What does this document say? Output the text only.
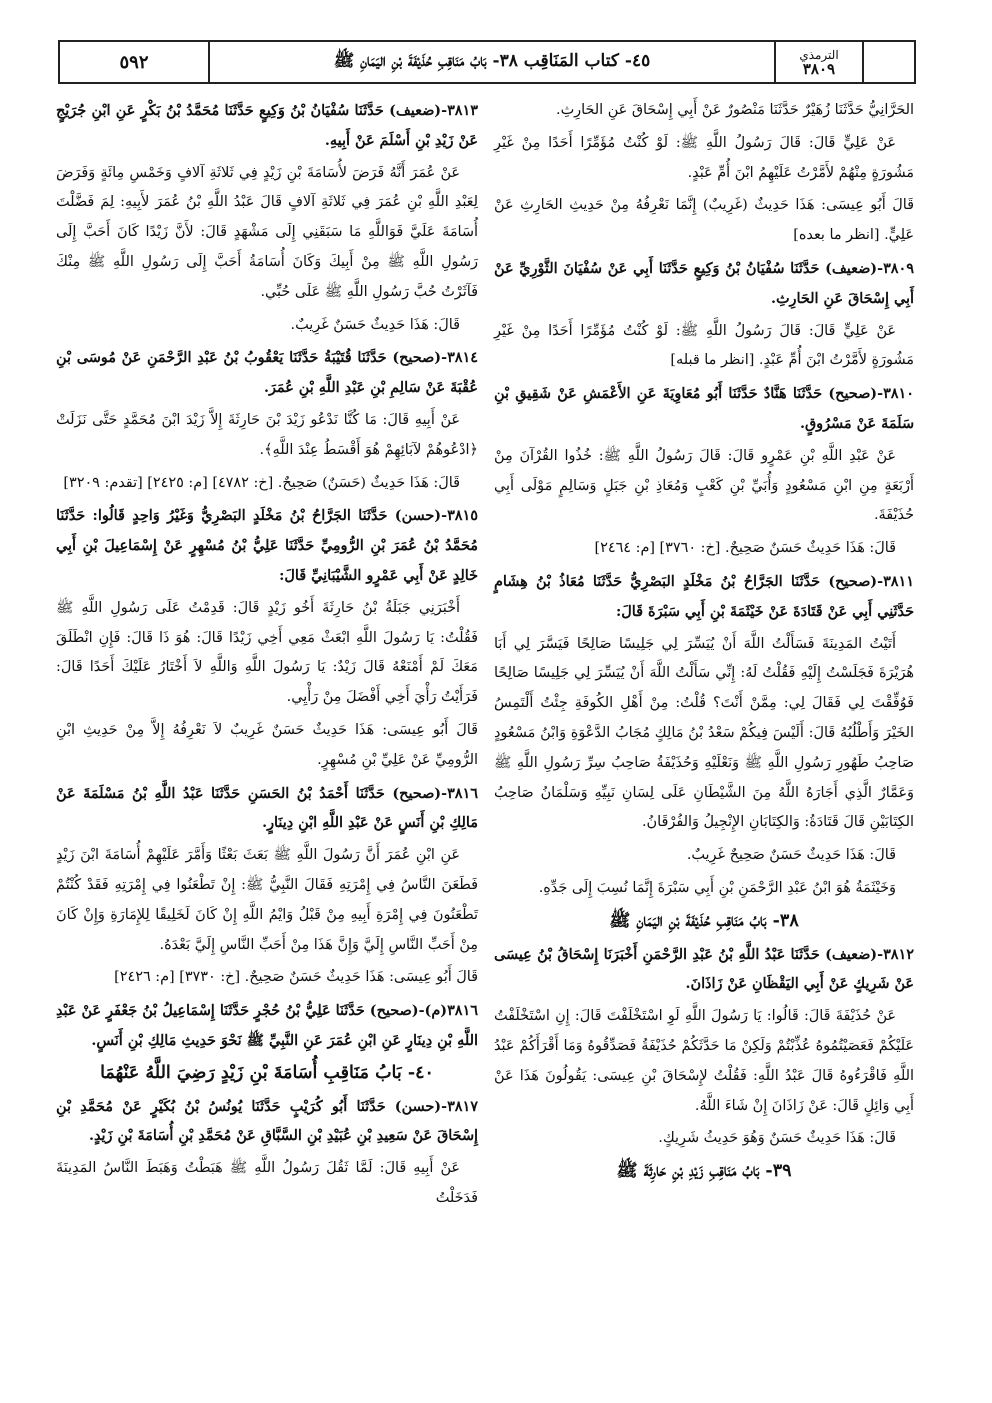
٥٩٢	٤٥- كتاب المَنَاقِب ٣٨- بَابُ مَنَاقِبِ حُذَيْفَةَ بْنِ اليَمَانِ ﷺ	الترمذي
٣٨٠٩

الحَرَّانِيُّ حَدَّثَنَا زُهَيْرٌ حَدَّثَنَا مَنْصُورٌ عَنْ أَبِي إِسْحَاقَ عَنِ الحَارِثِ.

عَنْ عَلِيٍّ قَالَ: قَالَ رَسُولُ اللَّهِ ﷺ: لَوْ كُنْتُ مُؤَمِّرًا أَحَدًا مِنْ غَيْرِ مَشُورَةٍ مِنْهُمْ لأَمَّرْتُ عَلَيْهِمُ ابْنَ أُمِّ عَبْدٍ.

قَالَ أَبُو عِيسَى: هَذَا حَدِيثٌ (غَرِيبٌ) إِنَّمَا نَعْرِفُهُ مِنْ حَدِيثِ الحَارِثِ عَنْ عَلِيٍّ. [انظر ما بعده]

٣٨٠٩-(ضعيف) حَدَّثَنَا سُفْيَانُ بْنُ وَكِيعٍ حَدَّثَنَا أَبِي عَنْ سُفْيَانَ الثَّوْرِيِّ عَنْ أَبِي إِسْحَاقَ عَنِ الحَارِثِ.

عَنْ عَلِيٍّ قَالَ: قَالَ رَسُولُ اللَّهِ ﷺ: لَوْ كُنْتُ مُؤَمِّرًا أَحَدًا مِنْ غَيْرِ مَشُورَةٍ لأَمَّرْتُ ابْنَ أُمِّ عَبْدٍ. [انظر ما قبله]

٣٨١٠-(صحيح) حَدَّثَنَا هَنَّادٌ حَدَّثَنَا أَبُو مُعَاوِيَةَ عَنِ الأَعْمَشِ عَنْ شَقِيقِ بْنِ سَلَمَةَ عَنْ مَسْرُوقٍ.

عَنْ عَبْدِ اللَّهِ بْنِ عَمْرٍو قَالَ: قَالَ رَسُولُ اللَّهِ ﷺ: خُذُوا القُرْآنَ مِنْ أَرْبَعَةٍ مِنِ ابْنِ مَسْعُودٍ وَأُبَيِّ بْنِ كَعْبٍ وَمُعَاذِ بْنِ جَبَلٍ وَسَالِمٍ مَوْلَى أَبِي حُذَيْفَةَ.

قَالَ: هَذَا حَدِيثٌ حَسَنٌ صَحِيحٌ. [خ: ٣٧٦٠] [م: ٢٤٦٤]

٣٨١١-(صحيح) حَدَّثَنَا الجَرَّاحُ بْنُ مَخْلَدٍ البَصْرِيُّ حَدَّثَنَا مُعَاذُ بْنُ هِشَامٍ حَدَّثَنِي أَبِي عَنْ قَتَادَةَ عَنْ خَيْثَمَةَ بْنِ أَبِي سَبْرَةَ قَالَ:

أَتَيْتُ المَدِينَةَ فَسَأَلْتُ اللَّهَ أَنْ يُيَسِّرَ لِي جَلِيسًا صَالِحًا فَيَسَّرَ لِي أَبَا هُرَيْرَةَ فَجَلَسْتُ إِلَيْهِ فَقُلْتُ لَهُ: إِنِّي سَأَلْتُ اللَّهَ أَنْ يُيَسِّرَ لِي جَلِيسًا صَالِحًا فَوُفِّقْتَ لِي فَقَالَ لِي: مِمَّنْ أَنْتَ؟ قُلْتُ: مِنْ أَهْلِ الكُوفَةِ جِئْتُ أَلْتَمِسُ الخَيْرَ وَأَطْلُبُهُ قَالَ: أَلَيْسَ فِيكُمْ سَعْدُ بْنُ مَالِكٍ مُجَابُ الدَّعْوَةِ وَابْنُ مَسْعُودٍ صَاحِبُ طَهُورِ رَسُولِ اللَّهِ ﷺ وَنَعْلَيْهِ وَحُذَيْفَةُ صَاحِبُ سِرِّ رَسُولِ اللَّهِ ﷺ وَعَمَّارٌ الَّذِي أَجَارَهُ اللَّهُ مِنَ الشَّيْطَانِ عَلَى لِسَانِ نَبِيِّهِ وَسَلْمَانُ صَاحِبُ الكِتَابَيْنِ قَالَ قَتَادَةُ: وَالكِتَابَانِ الإِنْجِيلُ وَالفُرْقَانُ.

قَالَ: هَذَا حَدِيثٌ حَسَنٌ صَحِيحٌ غَرِيبٌ.

وَخَيْثَمَةُ هُوَ ابْنُ عَبْدِ الرَّحْمَنِ بْنِ أَبِي سَبْرَةَ إِنَّمَا نُسِبَ إِلَى جَدِّهِ.

٣٨- بَابُ مَنَاقِبِ حُذَيْفَةَ بْنِ اليَمَانِ ﷺ

٣٨١٢-(ضعيف) حَدَّثَنَا عَبْدُ اللَّهِ بْنُ عَبْدِ الرَّحْمَنِ أَخْبَرَنَا إِسْحَاقُ بْنُ عِيسَى عَنْ شَرِيكٍ عَنْ أَبِي اليَقْظَانِ عَنْ زَاذَانَ.

عَنْ حُذَيْفَةَ قَالَ: قَالُوا: يَا رَسُولَ اللَّهِ لَوِ اسْتَخْلَفْتَ قَالَ: إِنِ اسْتَخْلَفْتُ عَلَيْكُمْ فَعَصَيْتُمُوهُ عُذِّبْتُمْ وَلَكِنْ مَا حَدَّثَكُمْ حُذَيْفَةُ فَصَدِّقُوهُ وَمَا أَقْرَأَكُمْ عَبْدُ اللَّهِ فَاقْرَءُوهُ قَالَ عَبْدُ اللَّهِ: فَقُلْتُ لإِسْحَاقَ بْنِ عِيسَى: يَقُولُونَ هَذَا عَنْ أَبِي وَائِلٍ قَالَ: عَنْ زَاذَانَ إِنْ شَاءَ اللَّهُ.

قَالَ: هَذَا حَدِيثٌ حَسَنٌ وَهُوَ حَدِيثُ شَرِيكٍ.

٣٩- بَابُ مَنَاقِبِ زَيْدِ بْنِ حَارِثَةَ ﷺ

٣٨١٣-(ضعيف) حَدَّثَنَا سُفْيَانُ بْنُ وَكِيعٍ حَدَّثَنَا مُحَمَّدُ بْنُ بَكْرٍ عَنِ ابْنِ جُرَيْجٍ عَنْ زَيْدِ بْنِ أَسْلَمَ عَنْ أَبِيهِ.

عَنْ عُمَرَ أَنَّهُ فَرَضَ لأُسَامَةَ بْنِ زَيْدٍ فِي ثَلاثَةِ آلافٍ وَخَمْسِ مِائَةٍ وَفَرَضَ لِعَبْدِ اللَّهِ بْنِ عُمَرَ فِي ثَلاثَةِ آلافٍ قَالَ عَبْدُ اللَّهِ بْنُ عُمَرَ لأَبِيهِ: لِمَ فَضَّلْتَ أُسَامَةَ عَلَيَّ فَوَاللَّهِ مَا سَبَقَنِي إِلَى مَشْهَدٍ قَالَ: لأَنَّ زَيْدًا كَانَ أَحَبَّ إِلَى رَسُولِ اللَّهِ ﷺ مِنْ أَبِيكَ وَكَانَ أُسَامَةُ أَحَبَّ إِلَى رَسُولِ اللَّهِ ﷺ مِنْكَ فَآثَرْتُ حُبَّ رَسُولِ اللَّهِ ﷺ عَلَى حُبِّي.

قَالَ: هَذَا حَدِيثٌ حَسَنٌ غَرِيبٌ.

٣٨١٤-(صحيح) حَدَّثَنَا قُتَيْبَةُ حَدَّثَنَا يَعْقُوبُ بْنُ عَبْدِ الرَّحْمَنِ عَنْ مُوسَى بْنِ عُقْبَةَ عَنْ سَالِمِ بْنِ عَبْدِ اللَّهِ بْنِ عُمَرَ.

عَنْ أَبِيهِ قَالَ: مَا كُنَّا نَدْعُو زَيْدَ بْنَ حَارِثَةَ إِلاَّ زَيْدَ ابْنَ مُحَمَّدٍ حَتَّى نَزَلَتْ ﴿ادْعُوهُمْ لآبَائِهِمْ هُوَ أَقْسَطُ عِنْدَ اللَّهِ﴾.

قَالَ: هَذَا حَدِيثٌ (حَسَنٌ) صَحِيحٌ. [خ: ٤٧٨٢] [م: ٢٤٢٥] [تقدم: ٣٢٠٩]

٣٨١٥-(حسن) حَدَّثَنَا الجَرَّاحُ بْنُ مَخْلَدٍ البَصْرِيُّ وَغَيْرُ وَاحِدٍ قَالُوا: حَدَّثَنَا مُحَمَّدُ بْنُ عُمَرَ بْنِ الرُّومِيِّ حَدَّثَنَا عَلِيُّ بْنُ مُسْهِرٍ عَنْ إِسْمَاعِيلَ بْنِ أَبِي خَالِدٍ عَنْ أَبِي عَمْرٍو الشَّيْبَانِيِّ قَالَ:

أَخْبَرَنِي جَبَلَةُ بْنُ حَارِثَةَ أَخُو زَيْدٍ قَالَ: قَدِمْتُ عَلَى رَسُولِ اللَّهِ ﷺ فَقُلْتُ: يَا رَسُولَ اللَّهِ ابْعَثْ مَعِي أَخِي زَيْدًا قَالَ: هُوَ ذَا قَالَ: فَإِنِ انْطَلَقَ مَعَكَ لَمْ أَمْنَعْهُ قَالَ زَيْدٌ: يَا رَسُولَ اللَّهِ وَاللَّهِ لاَ أَخْتَارُ عَلَيْكَ أَحَدًا قَالَ: فَرَأَيْتُ رَأْيَ أَخِي أَفْضَلَ مِنْ رَأْيِي.

قَالَ أَبُو عِيسَى: هَذَا حَدِيثٌ حَسَنٌ غَرِيبٌ لاَ نَعْرِفُهُ إِلاَّ مِنْ حَدِيثِ ابْنِ الرُّومِيِّ عَنْ عَلِيِّ بْنِ مُسْهِرٍ.

٣٨١٦-(صحيح) حَدَّثَنَا أَحْمَدُ بْنُ الحَسَنِ حَدَّثَنَا عَبْدُ اللَّهِ بْنُ مَسْلَمَةَ عَنْ مَالِكِ بْنِ أَنَسٍ عَنْ عَبْدِ اللَّهِ ابْنِ دِينَارٍ.

عَنِ ابْنِ عُمَرَ أَنَّ رَسُولَ اللَّهِ ﷺ بَعَثَ بَعْثًا وَأَمَّرَ عَلَيْهِمْ أُسَامَةَ ابْنَ زَيْدٍ فَطَعَنَ النَّاسُ فِي إِمْرَتِهِ فَقَالَ النَّبِيُّ ﷺ: إِنْ تَطْعَنُوا فِي إِمْرَتِهِ فَقَدْ كُنْتُمْ تَطْعَنُونَ فِي إِمْرَةِ أَبِيهِ مِنْ قَبْلُ وَايْمُ اللَّهِ إِنْ كَانَ لَخَلِيقًا لِلإِمَارَةِ وَإِنْ كَانَ مِنْ أَحَبِّ النَّاسِ إِلَيَّ وَإِنَّ هَذَا مِنْ أَحَبِّ النَّاسِ إِلَيَّ بَعْدَهُ.

قَالَ أَبُو عِيسَى: هَذَا حَدِيثٌ حَسَنٌ صَحِيحٌ. [خ: ٣٧٣٠] [م: ٢٤٢٦]

٣٨١٦(م)-(صحيح) حَدَّثَنَا عَلِيُّ بْنُ حُجْرٍ حَدَّثَنَا إِسْمَاعِيلُ بْنُ جَعْفَرٍ عَنْ عَبْدِ اللَّهِ بْنِ دِينَارٍ عَنِ ابْنِ عُمَرَ عَنِ النَّبِيِّ ﷺ نَحْوَ حَدِيثِ مَالِكِ بْنِ أَنَسٍ.

٤٠- بَابُ مَنَاقِبِ أُسَامَةَ بْنِ زَيْدٍ رَضِيَ اللَّهُ عَنْهُمَا

٣٨١٧-(حسن) حَدَّثَنَا أَبُو كُرَيْبٍ حَدَّثَنَا يُونُسُ بْنُ بُكَيْرٍ عَنْ مُحَمَّدِ بْنِ إِسْحَاقَ عَنْ سَعِيدِ بْنِ عُبَيْدِ بْنِ السَّبَّاقِ عَنْ مُحَمَّدِ بْنِ أُسَامَةَ بْنِ زَيْدٍ.

عَنْ أَبِيهِ قَالَ: لَمَّا ثَقُلَ رَسُولُ اللَّهِ ﷺ هَبَطْتُ وَهَبَطَ النَّاسُ المَدِينَةَ فَدَخَلْتُ
